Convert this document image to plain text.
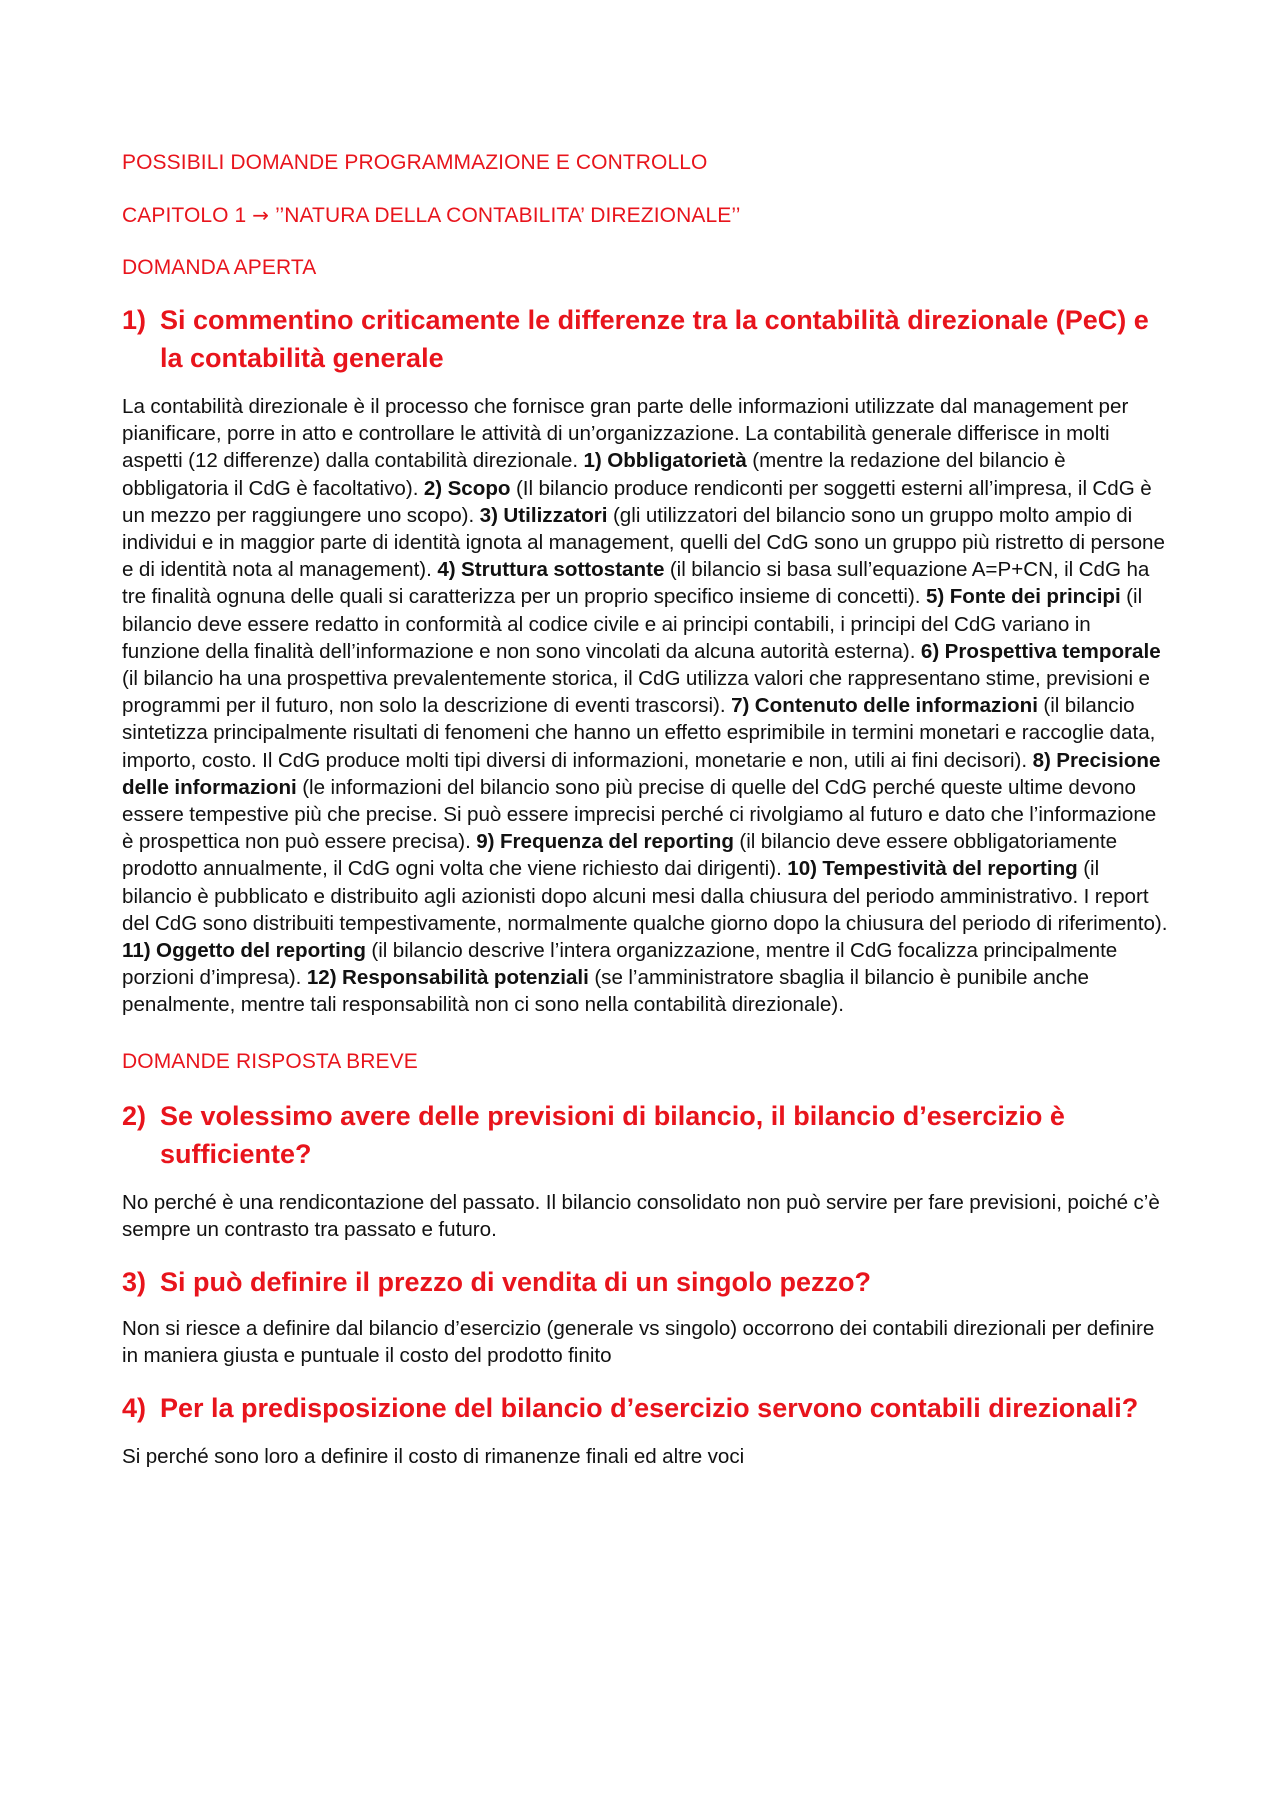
POSSIBILI DOMANDE PROGRAMMAZIONE E CONTROLLO

CAPITOLO 1 → ’’NATURA DELLA CONTABILITA’ DIREZIONALE’’

DOMANDA APERTA

1) Si commentino criticamente le differenze tra la contabilità direzionale (PeC) e la contabilità generale

La contabilità direzionale è il processo che fornisce gran parte delle informazioni utilizzate dal management per pianificare, porre in atto e controllare le attività di un’organizzazione. La contabilità generale differisce in molti aspetti (12 differenze) dalla contabilità direzionale. 1) Obbligatorietà (mentre la redazione del bilancio è obbligatoria il CdG è facoltativo). 2) Scopo (Il bilancio produce rendiconti per soggetti esterni all’impresa, il CdG è un mezzo per raggiungere uno scopo). 3) Utilizzatori (gli utilizzatori del bilancio sono un gruppo molto ampio di individui e in maggior parte di identità ignota al management, quelli del CdG sono un gruppo più ristretto di persone e di identità nota al management). 4) Struttura sottostante (il bilancio si basa sull’equazione A=P+CN, il CdG ha tre finalità ognuna delle quali si caratterizza per un proprio specifico insieme di concetti). 5) Fonte dei principi (il bilancio deve essere redatto in conformità al codice civile e ai principi contabili, i principi del CdG variano in funzione della finalità dell’informazione e non sono vincolati da alcuna autorità esterna). 6) Prospettiva temporale (il bilancio ha una prospettiva prevalentemente storica, il CdG utilizza valori che rappresentano stime, previsioni e programmi per il futuro, non solo la descrizione di eventi trascorsi). 7) Contenuto delle informazioni (il bilancio sintetizza principalmente risultati di fenomeni che hanno un effetto esprimibile in termini monetari e raccoglie data, importo, costo. Il CdG produce molti tipi diversi di informazioni, monetarie e non, utili ai fini decisori). 8) Precisione delle informazioni (le informazioni del bilancio sono più precise di quelle del CdG perché queste ultime devono essere tempestive più che precise. Si può essere imprecisi perché ci rivolgiamo al futuro e dato che l’informazione è prospettica non può essere precisa). 9) Frequenza del reporting (il bilancio deve essere obbligatoriamente prodotto annualmente, il CdG ogni volta che viene richiesto dai dirigenti). 10) Tempestività del reporting (il bilancio è pubblicato e distribuito agli azionisti dopo alcuni mesi dalla chiusura del periodo amministrativo. I report del CdG sono distribuiti tempestivamente, normalmente qualche giorno dopo la chiusura del periodo di riferimento). 11) Oggetto del reporting (il bilancio descrive l’intera organizzazione, mentre il CdG focalizza principalmente porzioni d’impresa). 12) Responsabilità potenziali (se l’amministratore sbaglia il bilancio è punibile anche penalmente, mentre tali responsabilità non ci sono nella contabilità direzionale).

DOMANDE RISPOSTA BREVE

2) Se volessimo avere delle previsioni di bilancio, il bilancio d’esercizio è sufficiente?

No perché è una rendicontazione del passato. Il bilancio consolidato non può servire per fare previsioni, poiché c’è sempre un contrasto tra passato e futuro.

3) Si può definire il prezzo di vendita di un singolo pezzo?

Non si riesce a definire dal bilancio d’esercizio (generale vs singolo) occorrono dei contabili direzionali per definire in maniera giusta e puntuale il costo del prodotto finito

4) Per la predisposizione del bilancio d’esercizio servono contabili direzionali?

Si perché sono loro a definire il costo di rimanenze finali ed altre voci
